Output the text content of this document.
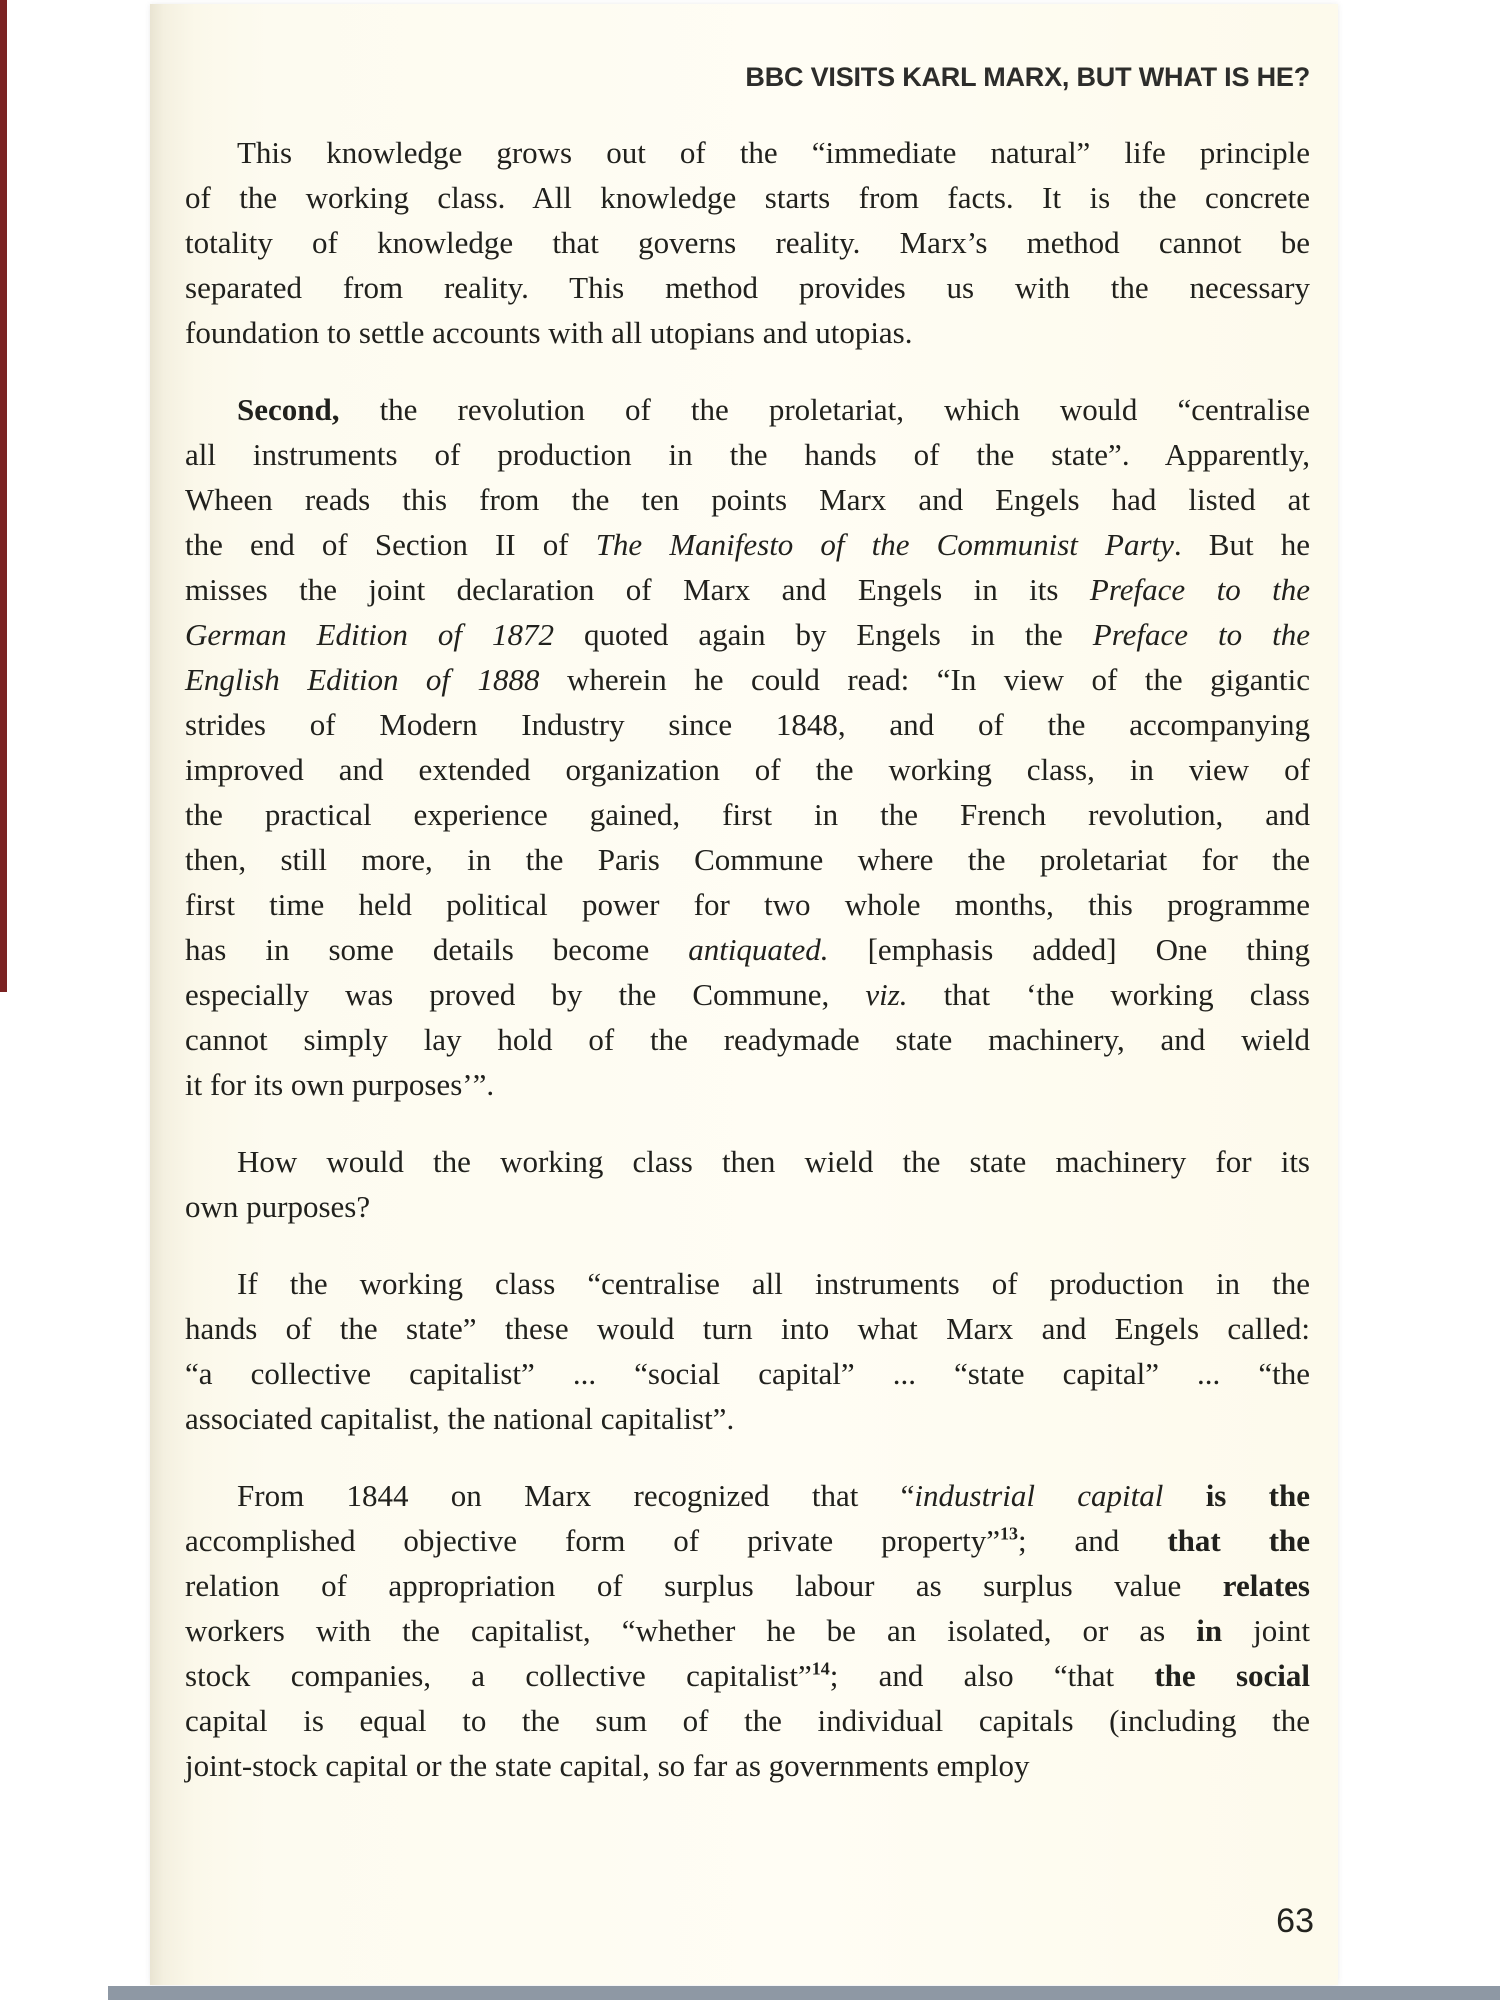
BBC VISITS KARL MARX, BUT WHAT IS HE?
This knowledge grows out of the “immediate natural” life principle
of the working class. All knowledge starts from facts. It is the concrete
totality of knowledge that governs reality. Marx’s method cannot be
separated from reality. This method provides us with the necessary
foundation to settle accounts with all utopians and utopias.
Second, the revolution of the proletariat, which would “centralise
all instruments of production in the hands of the state”. Apparently,
Wheen reads this from the ten points Marx and Engels had listed at
the end of Section II of The Manifesto of the Communist Party. But he
misses the joint declaration of Marx and Engels in its Preface to the
German Edition of 1872 quoted again by Engels in the Preface to the
English Edition of 1888 wherein he could read: “In view of the gigantic
strides of Modern Industry since 1848, and of the accompanying
improved and extended organization of the working class, in view of
the practical experience gained, first in the French revolution, and
then, still more, in the Paris Commune where the proletariat for the
first time held political power for two whole months, this programme
has in some details become antiquated. [emphasis added] One thing
especially was proved by the Commune, viz. that ‘the working class
cannot simply lay hold of the readymade state machinery, and wield
it for its own purposes’”.
How would the working class then wield the state machinery for its
own purposes?
If the working class “centralise all instruments of production in the
hands of the state” these would turn into what Marx and Engels called:
“a collective capitalist” ... “social capital” ... “state capital” ... “the
associated capitalist, the national capitalist”.
From 1844 on Marx recognized that “industrial capital is the
accomplished objective form of private property”$^{13}$; and that the
relation of appropriation of surplus labour as surplus value relates
workers with the capitalist, “whether he be an isolated, or as in joint
stock companies, a collective capitalist”$^{14}$; and also “that the social
capital is equal to the sum of the individual capitals (including the
joint-stock capital or the state capital, so far as governments employ
63
